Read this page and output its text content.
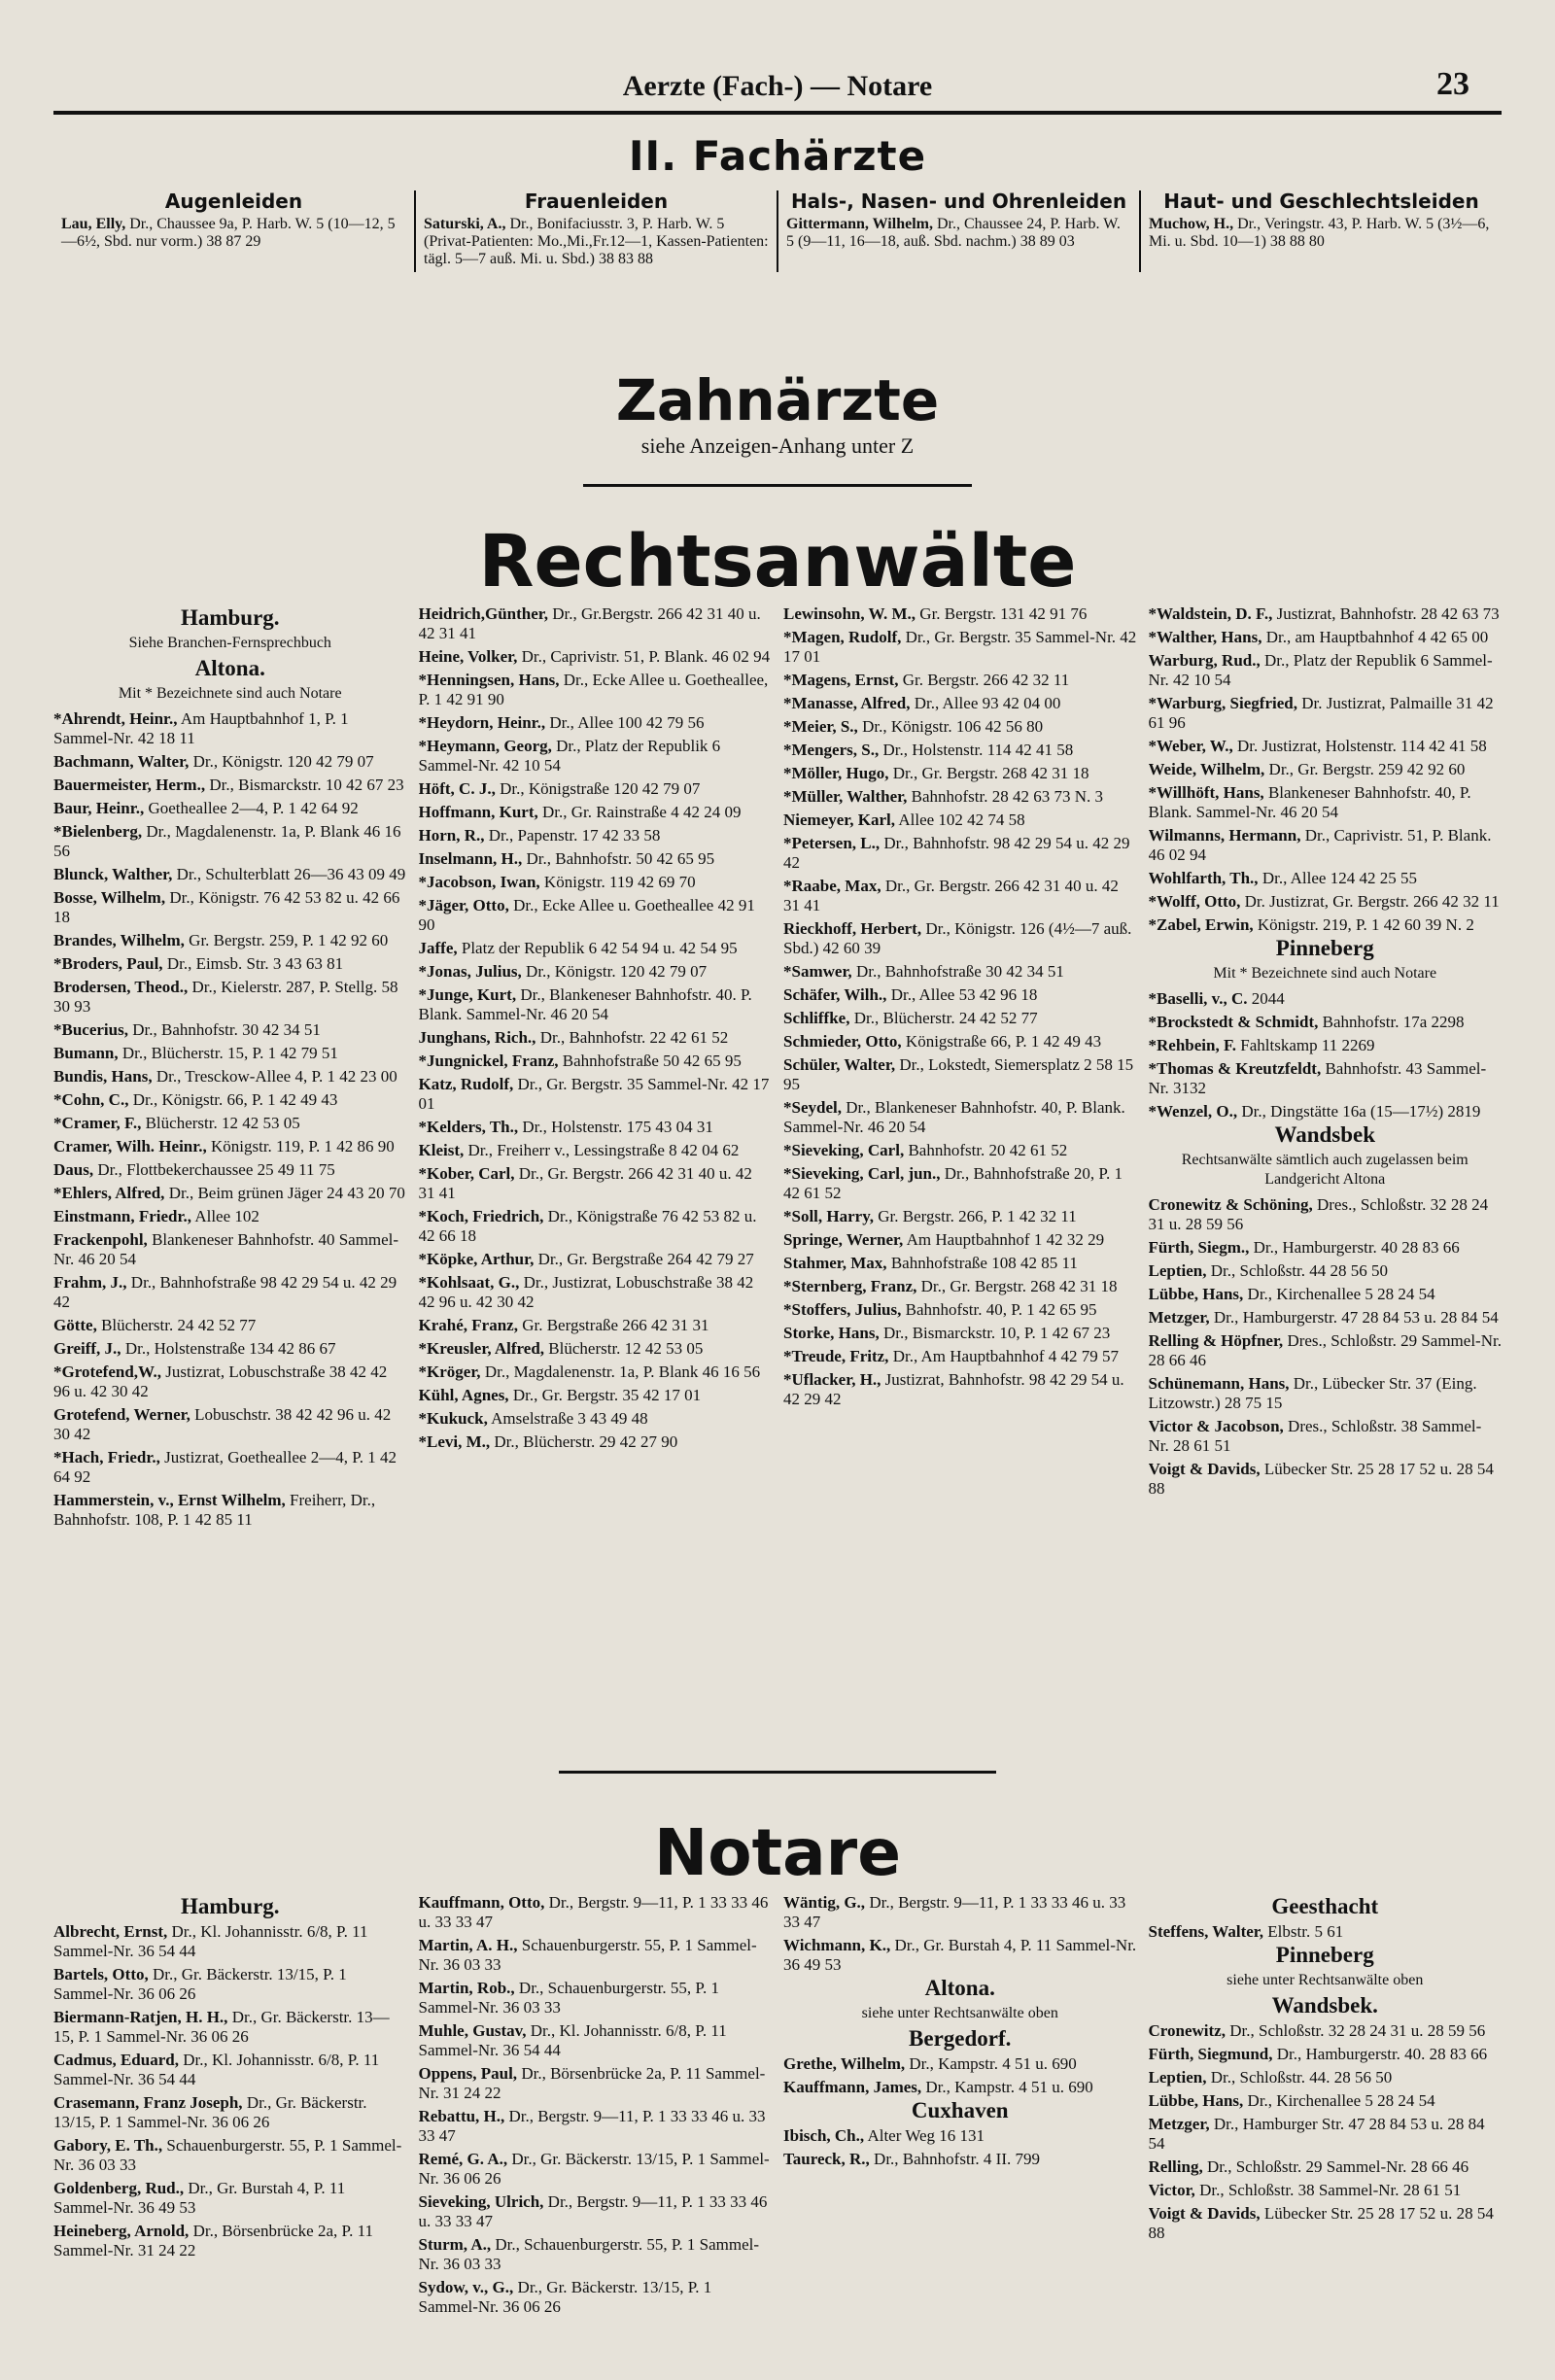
Aerzte (Fach-) — Notare	23
II. Fachärzte
Augenleiden
Lau, Elly, Dr., Chaussee 9a, P. Harb. W. 5 (10—12, 5—6½, Sbd. nur vorm.) 38 87 29
Frauenleiden
Saturski, A., Dr., Bonifaciusstr. 3, P. Harb. W. 5 (Privat-Patienten: Mo.,Mi.,Fr.12—1, Kassen-Patienten: tägl. 5—7 auß. Mi. u. Sbd.) 38 83 88
Hals-, Nasen- und Ohrenleiden
Gittermann, Wilhelm, Dr., Chaussee 24, P. Harb. W. 5 (9—11, 16—18, auß. Sbd. nachm.) 38 89 03
Haut- und Geschlechtsleiden
Muchow, H., Dr., Veringstr. 43, P. Harb. W. 5 (3½—6, Mi. u. Sbd. 10—1) 38 88 80
Zahnärzte
siehe Anzeigen-Anhang unter Z
Rechtsanwälte
Hamburg.
Siehe Branchen-Fernsprechbuch
Altona.
Mit * Bezeichnete sind auch Notare
*Ahrendt, Heinr., Am Hauptbahnhof 1, P. 1 Sammel-Nr. 42 18 11
Bachmann, Walter, Dr., Königstr. 120 42 79 07
Bauermeister, Herm., Dr., Bismarckstr. 10 42 67 23
Baur, Heinr., Goetheallee 2—4, P. 1 42 64 92
*Bielenberg, Dr., Magdalenenstr. 1a, P. Blank 46 16 56
Blunck, Walther, Dr., Schulterblatt 26—36 43 09 49
Bosse, Wilhelm, Dr., Königstr. 76 42 53 82 u. 42 66 18
Brandes, Wilhelm, Gr. Bergstr. 259, P. 1 42 92 60
*Broders, Paul, Dr., Eimsb. Str. 3 43 63 81
Brodersen, Theod., Dr., Kielerstr. 287, P. Stellg. 58 30 93
*Bucerius, Dr., Bahnhofstr. 30 42 34 51
Bumann, Dr., Blücherstr. 15, P. 1 42 79 51
Bundis, Hans, Dr., Tresckow-Allee 4, P. 1 42 23 00
*Cohn, C., Dr., Königstr. 66, P. 1 42 49 43
*Cramer, F., Blücherstr. 12 42 53 05
Cramer, Wilh. Heinr., Königstr. 119, P. 1 42 86 90
Daus, Dr., Flottbekerchaussee 25 49 11 75
*Ehlers, Alfred, Dr., Beim grünen Jäger 24 43 20 70
Einstmann, Friedr., Allee 102
Frackenpohl, Blankeneser Bahnhofstr. 40 Sammel-Nr. 46 20 54
Frahm, J., Dr., Bahnhofstraße 98 42 29 54 u. 42 29 42
Götte, Blücherstr. 24 42 52 77
Greiff, J., Dr., Holstenstraße 134 42 86 67
*Grotefend,W., Justizrat, Lobuschstraße 38 42 42 96 u. 42 30 42
Grotefend, Werner, Lobuschstr. 38 42 42 96 u. 42 30 42
*Hach, Friedr., Justizrat, Goetheallee 2—4, P. 1 42 64 92
Hammerstein, v., Ernst Wilhelm, Freiherr, Dr., Bahnhofstr. 108, P. 1 42 85 11
Heidrich,Günther, Dr., Gr.Bergstr. 266 42 31 40 u. 42 31 41
Heine, Volker, Dr., Caprivistr. 51, P. Blank. 46 02 94
*Henningsen, Hans, Dr., Ecke Allee u. Goetheallee, P. 1 42 91 90
*Heydorn, Heinr., Dr., Allee 100 42 79 56
*Heymann, Georg, Dr., Platz der Republik 6 Sammel-Nr. 42 10 54
Höft, C. J., Dr., Königstraße 120 42 79 07
Hoffmann, Kurt, Dr., Gr. Rainstraße 4 42 24 09
Horn, R., Dr., Papenstr. 17 42 33 58
Inselmann, H., Dr., Bahnhofstr. 50 42 65 95
*Jacobson, Iwan, Königstr. 119 42 69 70
*Jäger, Otto, Dr., Ecke Allee u. Goetheallee 42 91 90
Jaffe, Platz der Republik 6 42 54 94 u. 42 54 95
*Jonas, Julius, Dr., Königstr. 120 42 79 07
*Junge, Kurt, Dr., Blankeneser Bahnhofstr. 40. P. Blank. Sammel-Nr. 46 20 54
Junghans, Rich., Dr., Bahnhofstr. 22 42 61 52
*Jungnickel, Franz, Bahnhofstraße 50 42 65 95
Katz, Rudolf, Dr., Gr. Bergstr. 35 Sammel-Nr. 42 17 01
*Kelders, Th., Dr., Holstenstr. 175 43 04 31
Kleist, Dr., Freiherr v., Lessingstraße 8 42 04 62
*Kober, Carl, Dr., Gr. Bergstr. 266 42 31 40 u. 42 31 41
*Koch, Friedrich, Dr., Königstraße 76 42 53 82 u. 42 66 18
*Köpke, Arthur, Dr., Gr. Bergstraße 264 42 79 27
*Kohlsaat, G., Dr., Justizrat, Lobuschstraße 38 42 42 96 u. 42 30 42
Krahé, Franz, Gr. Bergstraße 266 42 31 31
*Kreusler, Alfred, Blücherstr. 12 42 53 05
*Kröger, Dr., Magdalenenstr. 1a, P. Blank 46 16 56
Kühl, Agnes, Dr., Gr. Bergstr. 35 42 17 01
*Kukuck, Amselstraße 3 43 49 48
*Levi, M., Dr., Blücherstr. 29 42 27 90
Lewinsohn, W. M., Gr. Bergstr. 131 42 91 76
*Magen, Rudolf, Dr., Gr. Bergstr. 35 Sammel-Nr. 42 17 01
*Magens, Ernst, Gr. Bergstr. 266 42 32 11
*Manasse, Alfred, Dr., Allee 93 42 04 00
*Meier, S., Dr., Königstr. 106 42 56 80
*Mengers, S., Dr., Holstenstr. 114 42 41 58
*Möller, Hugo, Dr., Gr. Bergstr. 268 42 31 18
*Müller, Walther, Bahnhofstr. 28 42 63 73 N. 3
Niemeyer, Karl, Allee 102 42 74 58
*Petersen, L., Dr., Bahnhofstr. 98 42 29 54 u. 42 29 42
*Raabe, Max, Dr., Gr. Bergstr. 266 42 31 40 u. 42 31 41
Rieckhoff, Herbert, Dr., Königstr. 126 (4½—7 auß. Sbd.) 42 60 39
*Samwer, Dr., Bahnhofstraße 30 42 34 51
Schäfer, Wilh., Dr., Allee 53 42 96 18
Schliffke, Dr., Blücherstr. 24 42 52 77
Schmieder, Otto, Königstraße 66, P. 1 42 49 43
Schüler, Walter, Dr., Lokstedt, Siemersplatz 2 58 15 95
*Seydel, Dr., Blankeneser Bahnhofstr. 40, P. Blank. Sammel-Nr. 46 20 54
*Sieveking, Carl, Bahnhofstr. 20 42 61 52
*Sieveking, Carl, jun., Dr., Bahnhofstraße 20, P. 1 42 61 52
*Soll, Harry, Gr. Bergstr. 266, P. 1 42 32 11
Springe, Werner, Am Hauptbahnhof 1 42 32 29
Stahmer, Max, Bahnhofstraße 108 42 85 11
*Sternberg, Franz, Dr., Gr. Bergstr. 268 42 31 18
*Stoffers, Julius, Bahnhofstr. 40, P. 1 42 65 95
Storke, Hans, Dr., Bismarckstr. 10, P. 1 42 67 23
*Treude, Fritz, Dr., Am Hauptbahnhof 4 42 79 57
*Uflacker, H., Justizrat, Bahnhofstr. 98 42 29 54 u. 42 29 42
*Waldstein, D. F., Justizrat, Bahnhofstr. 28 42 63 73
*Walther, Hans, Dr., am Hauptbahnhof 4 42 65 00
Warburg, Rud., Dr., Platz der Republik 6 Sammel-Nr. 42 10 54
*Warburg, Siegfried, Dr. Justizrat, Palmaille 31 42 61 96
*Weber, W., Dr. Justizrat, Holstenstr. 114 42 41 58
Weide, Wilhelm, Dr., Gr. Bergstr. 259 42 92 60
*Willhöft, Hans, Blankeneser Bahnhofstr. 40, P. Blank. Sammel-Nr. 46 20 54
Wilmanns, Hermann, Dr., Caprivistr. 51, P. Blank. 46 02 94
Wohlfarth, Th., Dr., Allee 124 42 25 55
*Wolff, Otto, Dr. Justizrat, Gr. Bergstr. 266 42 32 11
*Zabel, Erwin, Königstr. 219, P. 1 42 60 39 N. 2
Pinneberg
Mit * Bezeichnete sind auch Notare
*Baselli, v., C. 2044
*Brockstedt & Schmidt, Bahnhofstr. 17a 2298
*Rehbein, F. Fahltskamp 11 2269
*Thomas & Kreutzfeldt, Bahnhofstr. 43 Sammel-Nr. 3132
*Wenzel, O., Dr., Dingstätte 16a (15—17½) 2819
Wandsbek
Rechtsanwälte sämtlich auch zugelassen beim Landgericht Altona
Cronewitz & Schöning, Dres., Schloßstr. 32 28 24 31 u. 28 59 56
Fürth, Siegm., Dr., Hamburgerstr. 40 28 83 66
Leptien, Dr., Schloßstr. 44 28 56 50
Lübbe, Hans, Dr., Kirchenallee 5 28 24 54
Metzger, Dr., Hamburgerstr. 47 28 84 53 u. 28 84 54
Relling & Höpfner, Dres., Schloßstr. 29 Sammel-Nr. 28 66 46
Schünemann, Hans, Dr., Lübecker Str. 37 (Eing. Litzowstr.) 28 75 15
Victor & Jacobson, Dres., Schloßstr. 38 Sammel-Nr. 28 61 51
Voigt & Davids, Lübecker Str. 25 28 17 52 u. 28 54 88
Notare
Hamburg.
Albrecht, Ernst, Dr., Kl. Johannisstr. 6/8, P. 11 Sammel-Nr. 36 54 44
Bartels, Otto, Dr., Gr. Bäckerstr. 13/15, P. 1 Sammel-Nr. 36 06 26
Biermann-Ratjen, H. H., Dr., Gr. Bäckerstr. 13—15, P. 1 Sammel-Nr. 36 06 26
Cadmus, Eduard, Dr., Kl. Johannisstr. 6/8, P. 11 Sammel-Nr. 36 54 44
Crasemann, Franz Joseph, Dr., Gr. Bäckerstr. 13/15, P. 1 Sammel-Nr. 36 06 26
Gabory, E. Th., Schauenburgerstr. 55, P. 1 Sammel-Nr. 36 03 33
Goldenberg, Rud., Dr., Gr. Burstah 4, P. 11 Sammel-Nr. 36 49 53
Heineberg, Arnold, Dr., Börsenbrücke 2a, P. 11 Sammel-Nr. 31 24 22
Kauffmann, Otto, Dr., Bergstr. 9—11, P. 1 33 33 46 u. 33 33 47
Martin, A. H., Schauenburgerstr. 55, P. 1 Sammel-Nr. 36 03 33
Martin, Rob., Dr., Schauenburgerstr. 55, P. 1 Sammel-Nr. 36 03 33
Muhle, Gustav, Dr., Kl. Johannisstr. 6/8, P. 11 Sammel-Nr. 36 54 44
Oppens, Paul, Dr., Börsenbrücke 2a, P. 11 Sammel-Nr. 31 24 22
Rebattu, H., Dr., Bergstr. 9—11, P. 1 33 33 46 u. 33 33 47
Remé, G. A., Dr., Gr. Bäckerstr. 13/15, P. 1 Sammel-Nr. 36 06 26
Sieveking, Ulrich, Dr., Bergstr. 9—11, P. 1 33 33 46 u. 33 33 47
Sturm, A., Dr., Schauenburgerstr. 55, P. 1 Sammel-Nr. 36 03 33
Sydow, v., G., Dr., Gr. Bäckerstr. 13/15, P. 1 Sammel-Nr. 36 06 26
Wäntig, G., Dr., Bergstr. 9—11, P. 1 33 33 46 u. 33 33 47
Wichmann, K., Dr., Gr. Burstah 4, P. 11 Sammel-Nr. 36 49 53
Altona.
siehe unter Rechtsanwälte oben
Bergedorf.
Grethe, Wilhelm, Dr., Kampstr. 4 51 u. 690
Kauffmann, James, Dr., Kampstr. 4 51 u. 690
Cuxhaven
Ibisch, Ch., Alter Weg 16 131
Taureck, R., Dr., Bahnhofstr. 4 II. 799
Geesthacht
Steffens, Walter, Elbstr. 5 61
Pinneberg
siehe unter Rechtsanwälte oben
Wandsbek.
Cronewitz, Dr., Schloßstr. 32 28 24 31 u. 28 59 56
Fürth, Siegmund, Dr., Hamburgerstr. 40. 28 83 66
Leptien, Dr., Schloßstr. 44. 28 56 50
Lübbe, Hans, Dr., Kirchenallee 5 28 24 54
Metzger, Dr., Hamburger Str. 47 28 84 53 u. 28 84 54
Relling, Dr., Schloßstr. 29 Sammel-Nr. 28 66 46
Victor, Dr., Schloßstr. 38 Sammel-Nr. 28 61 51
Voigt & Davids, Lübecker Str. 25 28 17 52 u. 28 54 88
